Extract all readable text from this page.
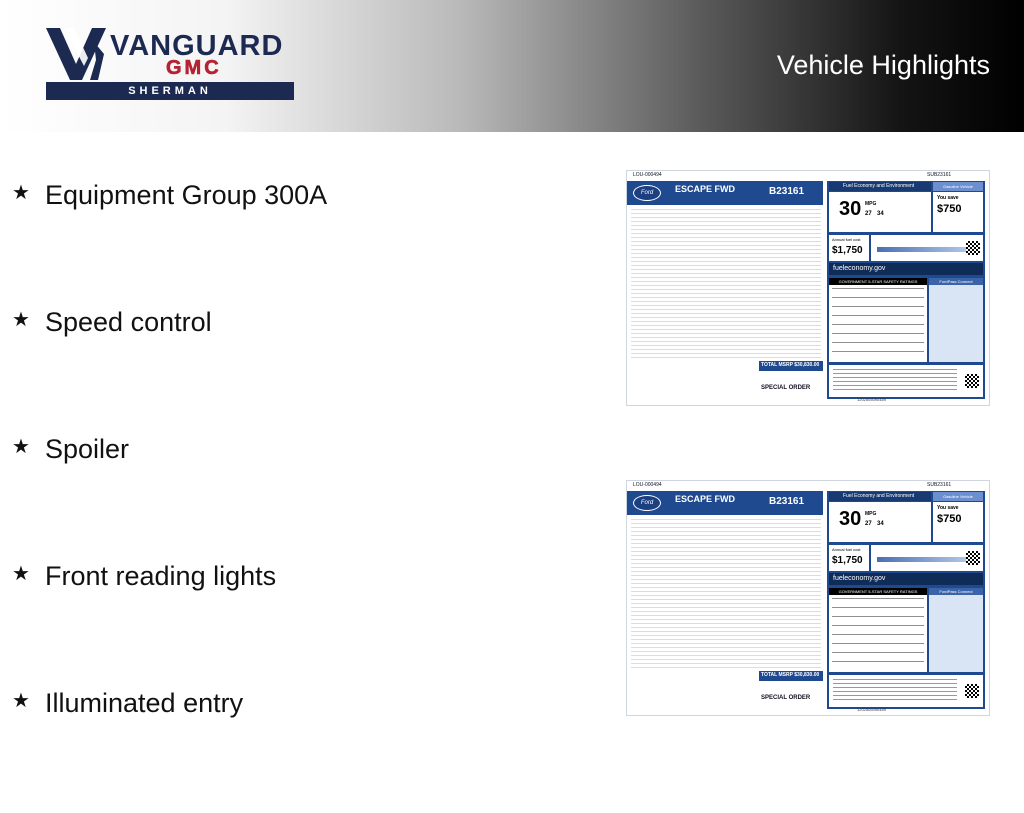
VANGUARD
GMC
SHERMAN
Vehicle Highlights
★ Equipment Group 300A
★ Speed control
★ Spoiler
★ Front reading lights
★ Illuminated entry
LOU-000494	SUB23161
Ford	ESCAPE FWD	B23161
TOTAL MSRP $30,830.00
SPECIAL ORDER
Fuel Economy and Environment	Gasoline Vehicle
30 MPG
27 34
You save
$750
Annual fuel cost
$1,750
fueleconomy.gov
GOVERNMENT 5-STAR SAFETY RATINGS	FordPass Connect
1202505090489
LOU-000494	SUB23161
Ford	ESCAPE FWD	B23161
TOTAL MSRP $30,830.00
SPECIAL ORDER
Fuel Economy and Environment	Gasoline Vehicle
30 MPG
27 34
You save
$750
Annual fuel cost
$1,750
fueleconomy.gov
GOVERNMENT 5-STAR SAFETY RATINGS	FordPass Connect
1202505090489
